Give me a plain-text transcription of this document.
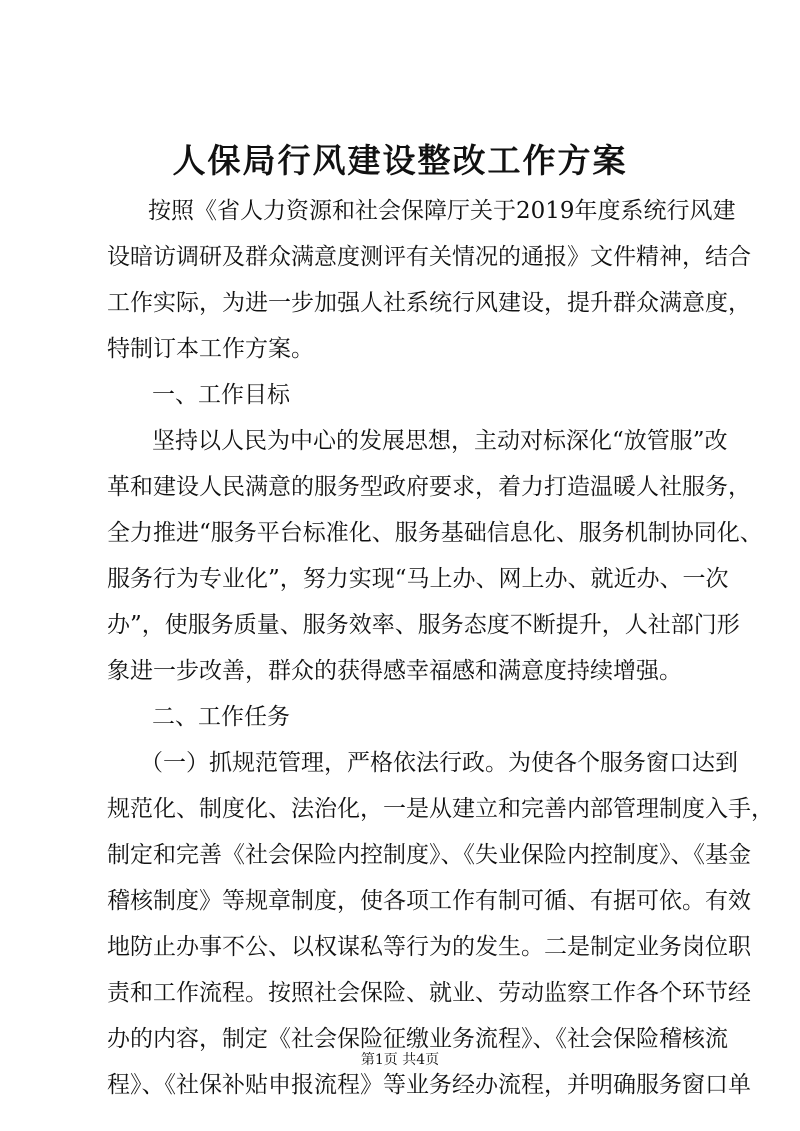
人保局行风建设整改工作方案
按照《省人力资源和社会保障厅关于2019年度系统行风建
设暗访调研及群众满意度测评有关情况的通报》文件精神，结合
工作实际，为进一步加强人社系统行风建设，提升群众满意度，
特制订本工作方案。
一、工作目标
坚持以人民为中心的发展思想，主动对标深化“放管服”改
革和建设人民满意的服务型政府要求，着力打造温暖人社服务，
全力推进“服务平台标准化、服务基础信息化、服务机制协同化、
服务行为专业化”，努力实现“马上办、网上办、就近办、一次
办”，使服务质量、服务效率、服务态度不断提升，人社部门形
象进一步改善，群众的获得感幸福感和满意度持续增强。
二、工作任务
（一）抓规范管理，严格依法行政。为使各个服务窗口达到
规范化、制度化、法治化，一是从建立和完善内部管理制度入手，
制定和完善《社会保险内控制度》、《失业保险内控制度》、《基金
稽核制度》等规章制度，使各项工作有制可循、有据可依。有效
地防止办事不公、以权谋私等行为的发生。二是制定业务岗位职
责和工作流程。按照社会保险、就业、劳动监察工作各个环节经
办的内容，制定《社会保险征缴业务流程》、《社会保险稽核流
程》、《社保补贴申报流程》等业务经办流程，并明确服务窗口单
第1页 共4页
